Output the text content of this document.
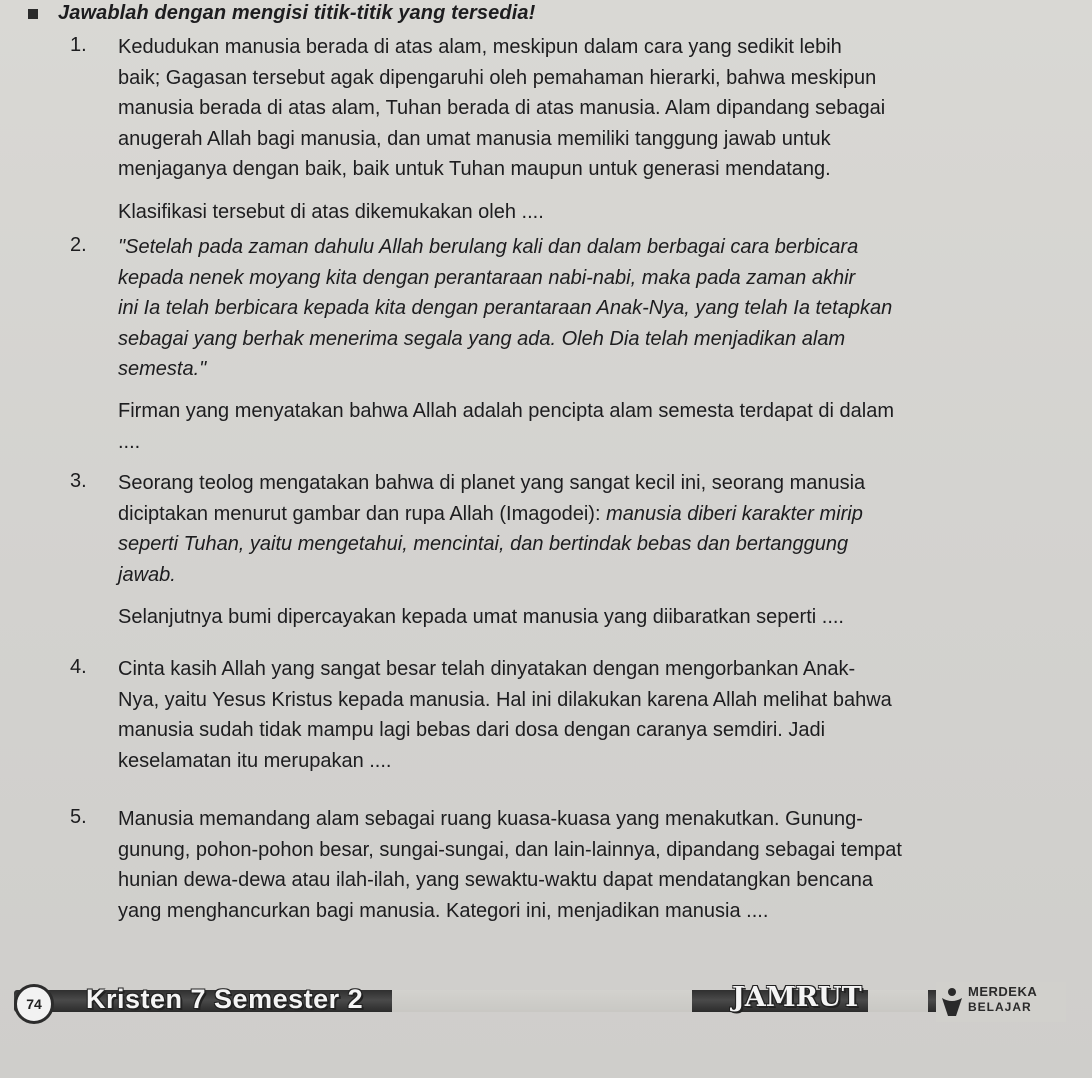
Jawablah dengan mengisi titik-titik yang tersedia!
1. Kedudukan manusia berada di atas alam, meskipun dalam cara yang sedikit lebih

baik; Gagasan tersebut agak dipengaruhi oleh pemahaman hierarki, bahwa meskipun

manusia berada di atas alam, Tuhan berada di atas manusia. Alam dipandang sebagai

anugerah Allah bagi manusia, dan umat manusia memiliki tanggung jawab untuk

menjaganya dengan baik, baik untuk Tuhan maupun untuk generasi mendatang.

Klasifikasi tersebut di atas dikemukakan oleh ....

2. "Setelah pada zaman dahulu Allah berulang kali dan dalam berbagai cara berbicara

kepada nenek moyang kita dengan perantaraan nabi-nabi, maka pada zaman akhir

ini Ia telah berbicara kepada kita dengan perantaraan Anak-Nya, yang telah Ia tetapkan

sebagai yang berhak menerima segala yang ada. Oleh Dia telah menjadikan alam

semesta."

Firman yang menyatakan bahwa Allah adalah pencipta alam semesta terdapat di dalam

....

3. Seorang teolog mengatakan bahwa di planet yang sangat kecil ini, seorang manusia

diciptakan menurut gambar dan rupa Allah (Imagodei): manusia diberi karakter mirip

seperti Tuhan, yaitu mengetahui, mencintai, dan bertindak bebas dan bertanggung

jawab.

Selanjutnya bumi dipercayakan kepada umat manusia yang diibaratkan seperti ....

4. Cinta kasih Allah yang sangat besar telah dinyatakan dengan mengorbankan Anak-

Nya, yaitu Yesus Kristus kepada manusia. Hal ini dilakukan karena Allah melihat bahwa

manusia sudah tidak mampu lagi bebas dari dosa dengan caranya semdiri. Jadi

keselamatan itu merupakan ....

5. Manusia memandang alam sebagai ruang kuasa-kuasa yang menakutkan. Gunung-

gunung, pohon-pohon besar, sungai-sungai, dan lain-lainnya, dipandang sebagai tempat

hunian dewa-dewa atau ilah-ilah, yang sewaktu-waktu dapat mendatangkan bencana

yang menghancurkan bagi manusia. Kategori ini, menjadikan manusia ....

74	Kristen 7 Semester 2	JAMRUT	MERDEKA
BELAJAR
